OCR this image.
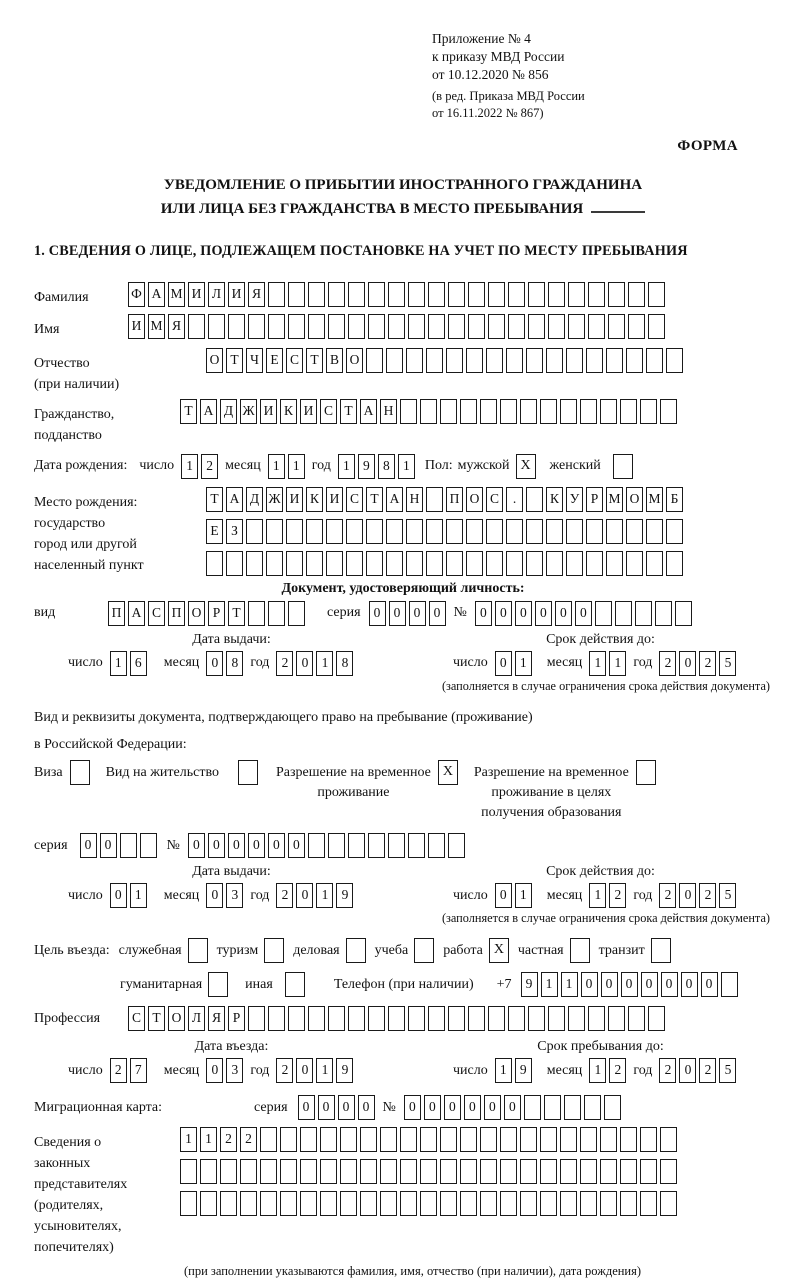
Приложение № 4
к приказу МВД России
от 10.12.2020 № 856
(в ред. Приказа МВД России
от 16.11.2022 № 867)
ФОРМА
УВЕДОМЛЕНИЕ О ПРИБЫТИИ ИНОСТРАННОГО ГРАЖДАНИНА
ИЛИ ЛИЦА БЕЗ ГРАЖДАНСТВА В МЕСТО ПРЕБЫВАНИЯ
1. СВЕДЕНИЯ О ЛИЦЕ, ПОДЛЕЖАЩЕМ ПОСТАНОВКЕ НА УЧЕТ ПО МЕСТУ ПРЕБЫВАНИЯ
Фамилия	Ф А М И Л И Я
Имя	И М Я
Отчество
(при наличии)
О Т Ч Е С Т В О
Гражданство,
подданство
Т А Д Ж И К И С Т А Н
Дата рождения: число 1 2 месяц 1 1 год 1 9 8 1	Пол: мужской X	женский
Место рождения:
государство
город или другой
населенный пункт
Т А Д Ж И К И С Т А Н П О С	.	К У Р М О М Б
Е З
Документ, удостоверяющий личность:
вид	П А С П О Р Т	серия 0 0 0 0 № 0 0 0 0 0 0
Дата выдачи:	Срок действия до:
число 1 6	месяц 0 8 год 2 0 1 8	число 0 1	месяц 1 1 год 2 0 2 5
(заполняется в случае ограничения срока действия документа)
Вид и реквизиты документа, подтверждающего право на пребывание (проживание)
в Российской Федерации:
Виза	Вид на жительство	Разрешение на временное
проживание
X	Разрешение на временное
проживание в целях
получения образования
серия	0 0	№ 0 0 0 0 0 0
Дата выдачи:	Срок действия до:
число 0 1	месяц 0 3 год 2 0 1 9	число 0 1	месяц 1 2 год 2 0 2 5
(заполняется в случае ограничения срока действия документа)
Цель въезда: служебная	туризм	деловая	учеба	работа X частная	транзит
гуманитарная	иная	Телефон (при наличии) +7	9 1 1 0 0 0 0 0 0 0
Профессия	С Т О Л Я Р
Дата въезда:	Срок пребывания до:
число 2 7	месяц 0 3 год 2 0 1 9	число 1 9	месяц 1 2 год 2 0 2 5
Миграционная карта:	серия	0 0 0 0 № 0 0 0 0 0 0
Сведения о
законных
представителях
(родителях,
усыновителях,
попечителях)
1 1 2 2
(при заполнении указываются фамилия, имя, отчество (при наличии), дата рождения)
